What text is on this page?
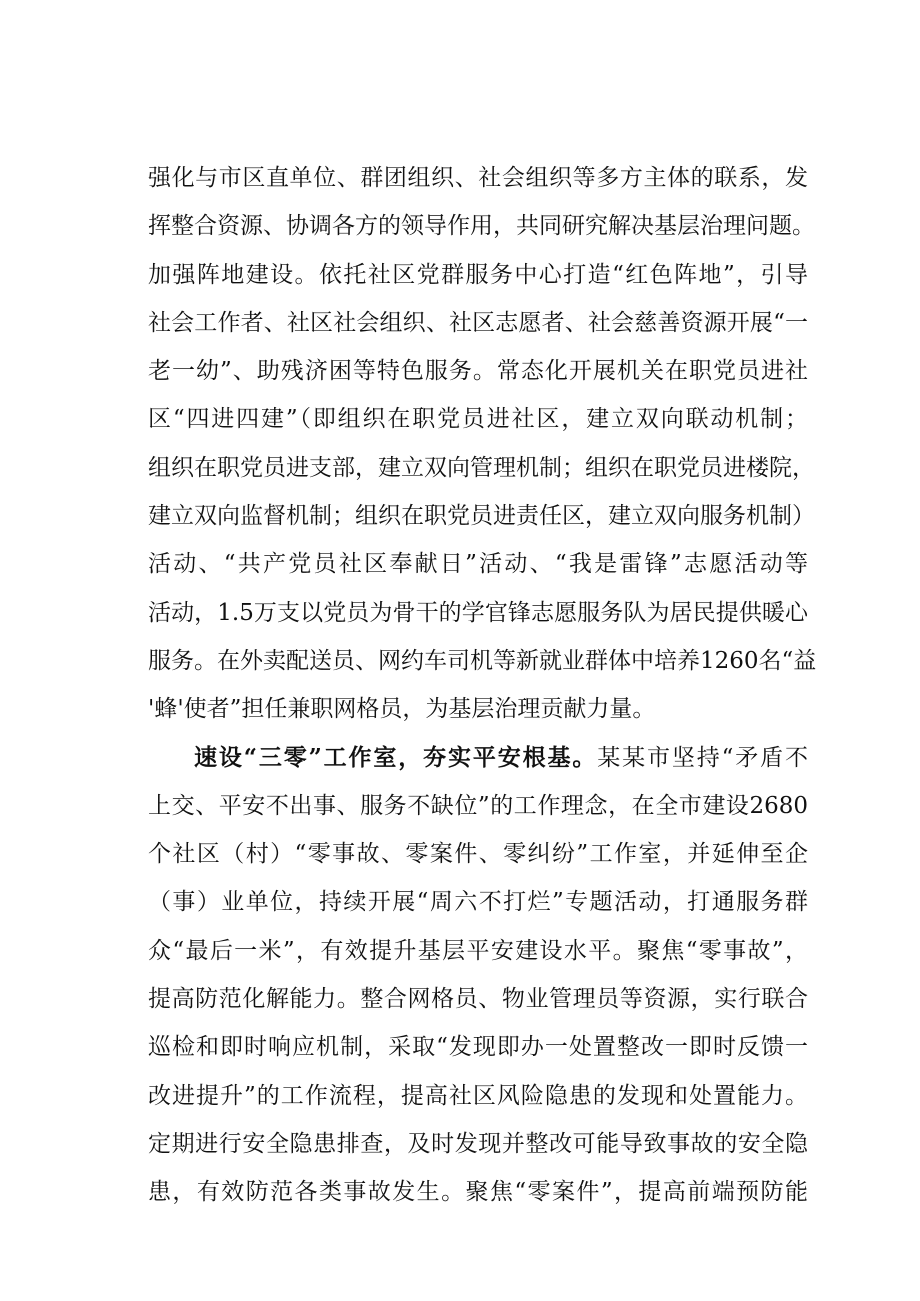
强化与市区直单位、群团组织、社会组织等多方主体的联系，发
挥整合资源、协调各方的领导作用，共同研究解决基层治理问题。
加强阵地建设。依托社区党群服务中心打造“红色阵地”，引导
社会工作者、社区社会组织、社区志愿者、社会慈善资源开展“一
老一幼”、助残济困等特色服务。常态化开展机关在职党员进社
区“四进四建”（即组织在职党员进社区，建立双向联动机制；
组织在职党员进支部，建立双向管理机制；组织在职党员进楼院，
建立双向监督机制；组织在职党员进责任区，建立双向服务机制）
活动、“共产党员社区奉献日”活动、“我是雷锋”志愿活动等
活动，1.5万支以党员为骨干的学官锋志愿服务队为居民提供暖心
服务。在外卖配送员、网约车司机等新就业群体中培养1260名“益
'蜂'使者”担任兼职网格员，为基层治理贡献力量。
速设“三零”工作室，夯实平安根基。某某市坚持“矛盾不
上交、平安不出事、服务不缺位”的工作理念，在全市建设2680
个社区（村）“零事故、零案件、零纠纷”工作室，并延伸至企
（事）业单位，持续开展“周六不打烂”专题活动，打通服务群
众“最后一米”，有效提升基层平安建设水平。聚焦“零事故”，
提高防范化解能力。整合网格员、物业管理员等资源，实行联合
巡检和即时响应机制，采取“发现即办一处置整改一即时反馈一
改进提升”的工作流程，提高社区风险隐患的发现和处置能力。
定期进行安全隐患排查，及时发现并整改可能导致事故的安全隐
患，有效防范各类事故发生。聚焦“零案件”，提高前端预防能
